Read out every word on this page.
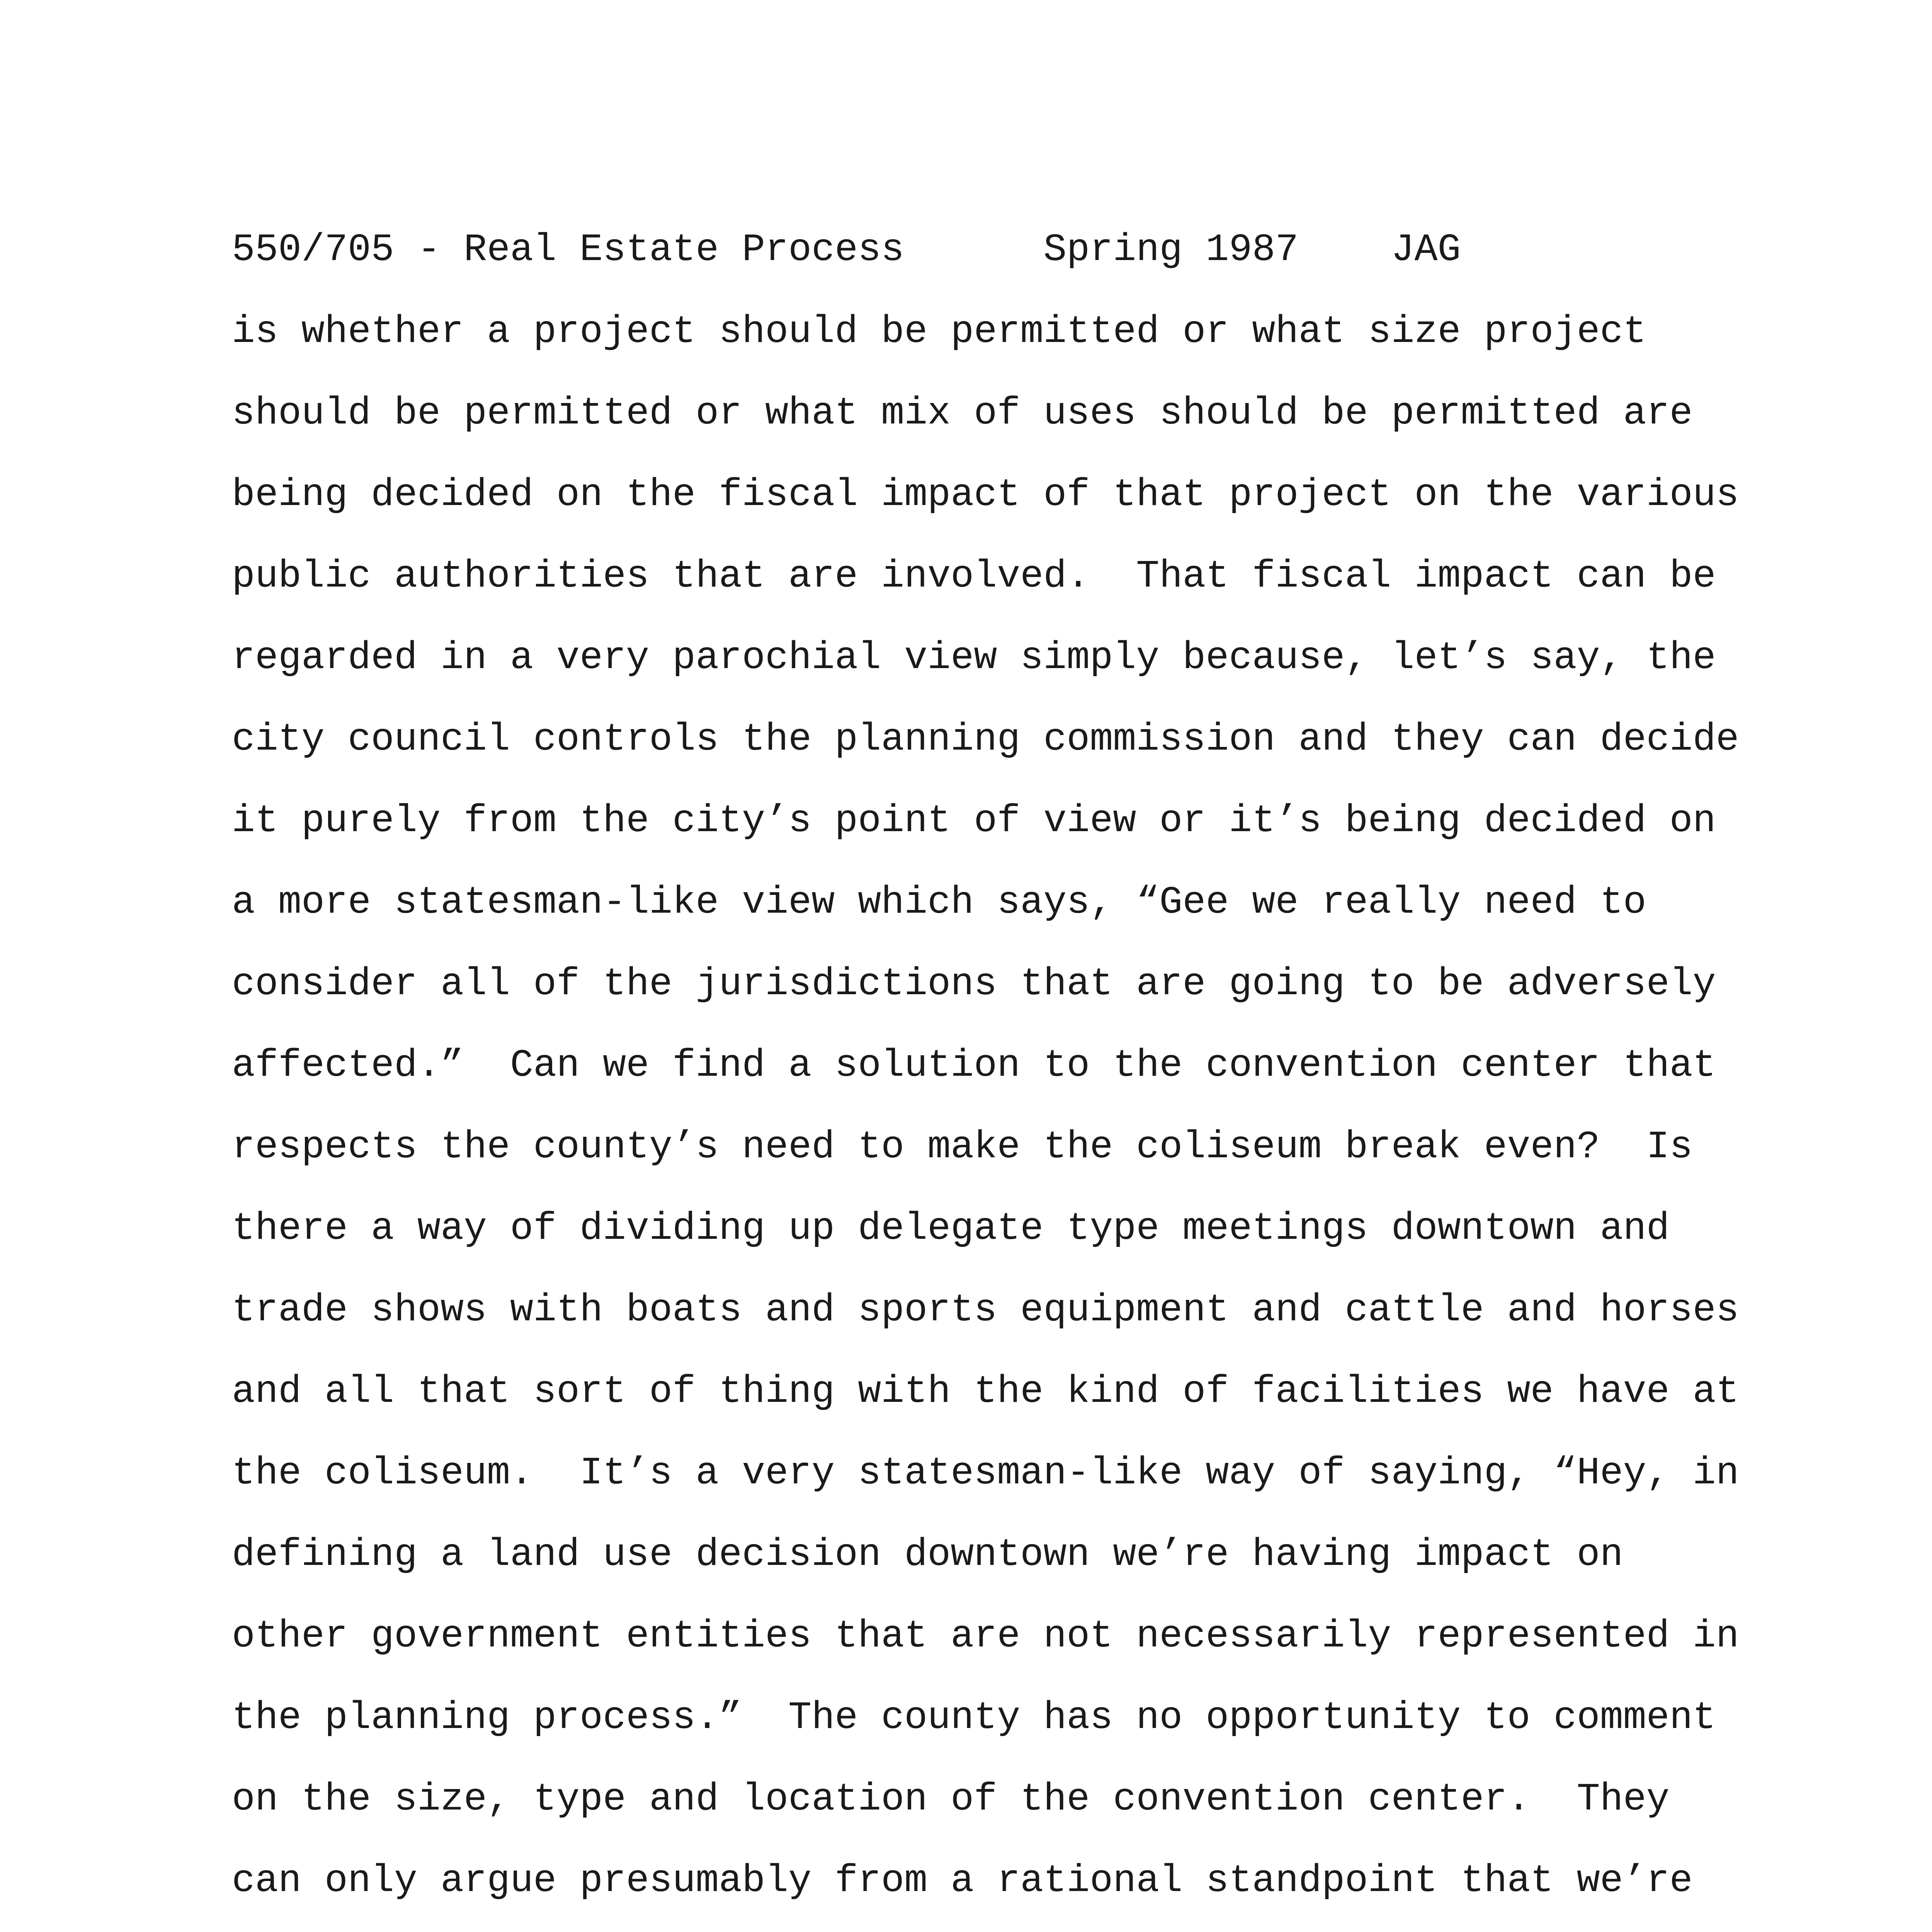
550/705 - Real Estate Process	Spring 1987 JAG
is whether a project should be permitted or what size project
should be permitted or what mix of uses should be permitted are
being decided on the fiscal impact of that project on the various
public authorities that are involved.  That fiscal impact can be
regarded in a very parochial view simply because, let’s say, the
city council controls the planning commission and they can decide
it purely from the city’s point of view or it’s being decided on
a more statesman-like view which says, “Gee we really need to
consider all of the jurisdictions that are going to be adversely
affected.”  Can we find a solution to the convention center that
respects the county’s need to make the coliseum break even?  Is
there a way of dividing up delegate type meetings downtown and
trade shows with boats and sports equipment and cattle and horses
and all that sort of thing with the kind of facilities we have at
the coliseum.  It’s a very statesman-like way of saying, “Hey, in
defining a land use decision downtown we’re having impact on
other government entities that are not necessarily represented in
the planning process.”  The county has no opportunity to comment
on the size, type and location of the convention center.  They
can only argue presumably from a rational standpoint that we’re
